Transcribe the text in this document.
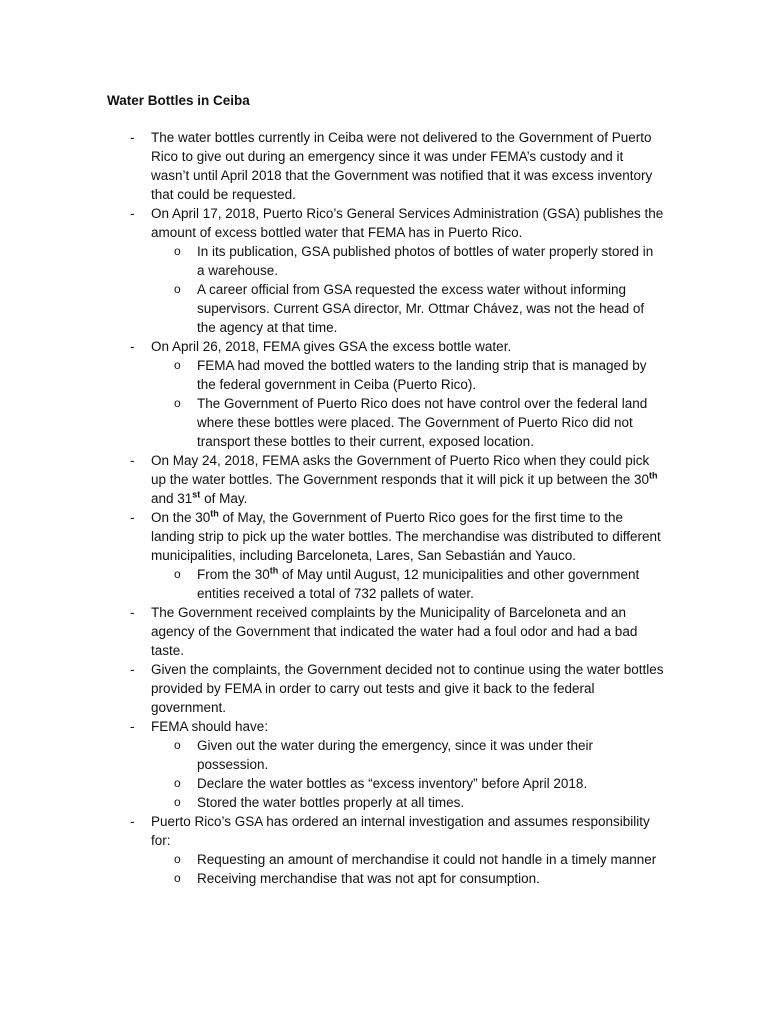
Water Bottles in Ceiba
- The water bottles currently in Ceiba were not delivered to the Government of Puerto Rico to give out during an emergency since it was under FEMA’s custody and it wasn’t until April 2018 that the Government was notified that it was excess inventory that could be requested.
- On April 17, 2018, Puerto Rico’s General Services Administration (GSA) publishes the amount of excess bottled water that FEMA has in Puerto Rico.
o In its publication, GSA published photos of bottles of water properly stored in a warehouse.
o A career official from GSA requested the excess water without informing supervisors. Current GSA director, Mr. Ottmar Chávez, was not the head of the agency at that time.
- On April 26, 2018, FEMA gives GSA the excess bottle water.
o FEMA had moved the bottled waters to the landing strip that is managed by the federal government in Ceiba (Puerto Rico).
o The Government of Puerto Rico does not have control over the federal land where these bottles were placed. The Government of Puerto Rico did not transport these bottles to their current, exposed location.
- On May 24, 2018, FEMA asks the Government of Puerto Rico when they could pick up the water bottles. The Government responds that it will pick it up between the 30th and 31st of May.
- On the 30th of May, the Government of Puerto Rico goes for the first time to the landing strip to pick up the water bottles. The merchandise was distributed to different municipalities, including Barceloneta, Lares, San Sebastián and Yauco.
o From the 30th of May until August, 12 municipalities and other government entities received a total of 732 pallets of water.
- The Government received complaints by the Municipality of Barceloneta and an agency of the Government that indicated the water had a foul odor and had a bad taste.
- Given the complaints, the Government decided not to continue using the water bottles provided by FEMA in order to carry out tests and give it back to the federal government.
- FEMA should have:
o Given out the water during the emergency, since it was under their possession.
o Declare the water bottles as “excess inventory” before April 2018.
o Stored the water bottles properly at all times.
- Puerto Rico’s GSA has ordered an internal investigation and assumes responsibility for:
o Requesting an amount of merchandise it could not handle in a timely manner
o Receiving merchandise that was not apt for consumption.
